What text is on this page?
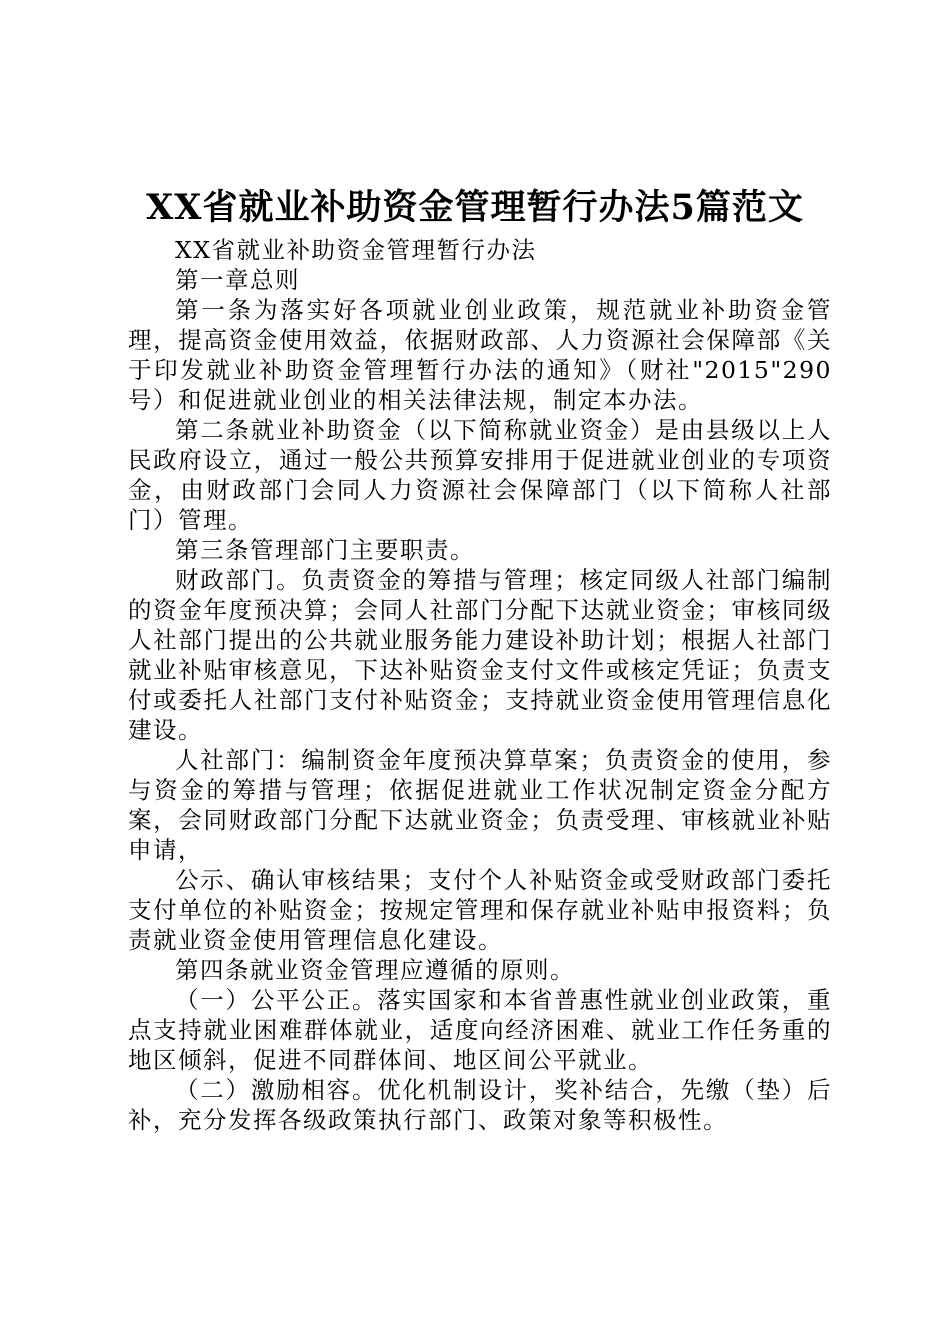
XX省就业补助资金管理暂行办法5篇范文

XX省就业补助资金管理暂行办法

第一章总则

第一条为落实好各项就业创业政策，规范就业补助资金管理，提高资金使用效益，依据财政部、人力资源社会保障部《关于印发就业补助资金管理暂行办法的通知》（财社"2015"290号）和促进就业创业的相关法律法规，制定本办法。

第二条就业补助资金（以下简称就业资金）是由县级以上人民政府设立，通过一般公共预算安排用于促进就业创业的专项资金，由财政部门会同人力资源社会保障部门（以下简称人社部门）管理。

第三条管理部门主要职责。

财政部门。负责资金的筹措与管理；核定同级人社部门编制的资金年度预决算；会同人社部门分配下达就业资金；审核同级人社部门提出的公共就业服务能力建设补助计划；根据人社部门就业补贴审核意见，下达补贴资金支付文件或核定凭证；负责支付或委托人社部门支付补贴资金；支持就业资金使用管理信息化建设。

人社部门：编制资金年度预决算草案；负责资金的使用，参与资金的筹措与管理；依据促进就业工作状况制定资金分配方案，会同财政部门分配下达就业资金；负责受理、审核就业补贴申请，

公示、确认审核结果；支付个人补贴资金或受财政部门委托支付单位的补贴资金；按规定管理和保存就业补贴申报资料；负责就业资金使用管理信息化建设。

第四条就业资金管理应遵循的原则。

（一）公平公正。落实国家和本省普惠性就业创业政策，重点支持就业困难群体就业，适度向经济困难、就业工作任务重的地区倾斜，促进不同群体间、地区间公平就业。

（二）激励相容。优化机制设计，奖补结合，先缴（垫）后补，充分发挥各级政策执行部门、政策对象等积极性。
